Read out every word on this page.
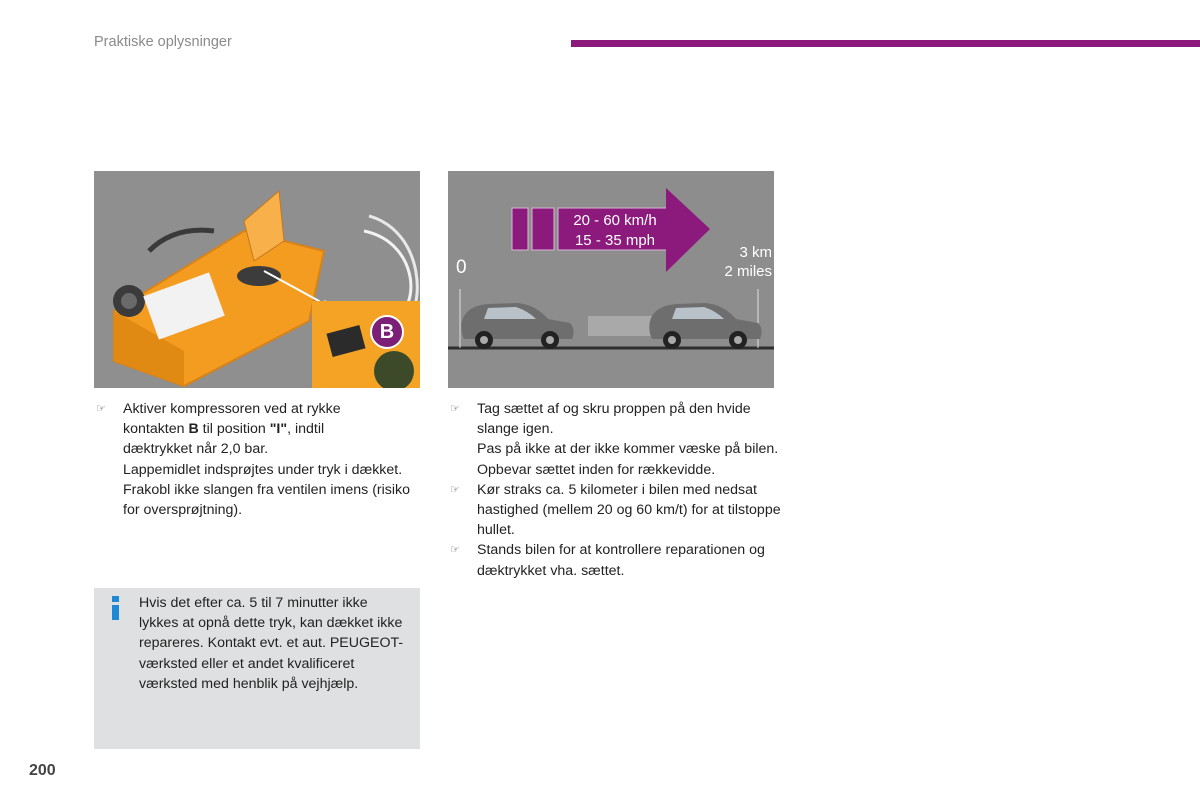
Praktiske oplysninger
B
20 - 60 km/h
15 - 35 mph
0
3 km
2 miles
☞ Aktiver kompressoren ved at rykke
kontakten B til position "I", indtil
dæktrykket når 2,0 bar.
Lappemidlet indsprøjtes under tryk i dækket. Frakobl ikke slangen fra ventilen imens (risiko for oversprøjtning).
☞ Tag sættet af og skru proppen på den hvide slange igen.
Pas på ikke at der ikke kommer væske på bilen. Opbevar sættet inden for rækkevidde.
☞ Kør straks ca. 5 kilometer i bilen med nedsat hastighed (mellem 20 og 60 km/t) for at tilstoppe hullet.
☞ Stands bilen for at kontrollere reparationen og dæktrykket vha. sættet.
Hvis det efter ca. 5 til 7 minutter ikke lykkes at opnå dette tryk, kan dækket ikke repareres. Kontakt evt. et aut. PEUGEOT-værksted eller et andet kvalificeret værksted med henblik på vejhjælp.
200
